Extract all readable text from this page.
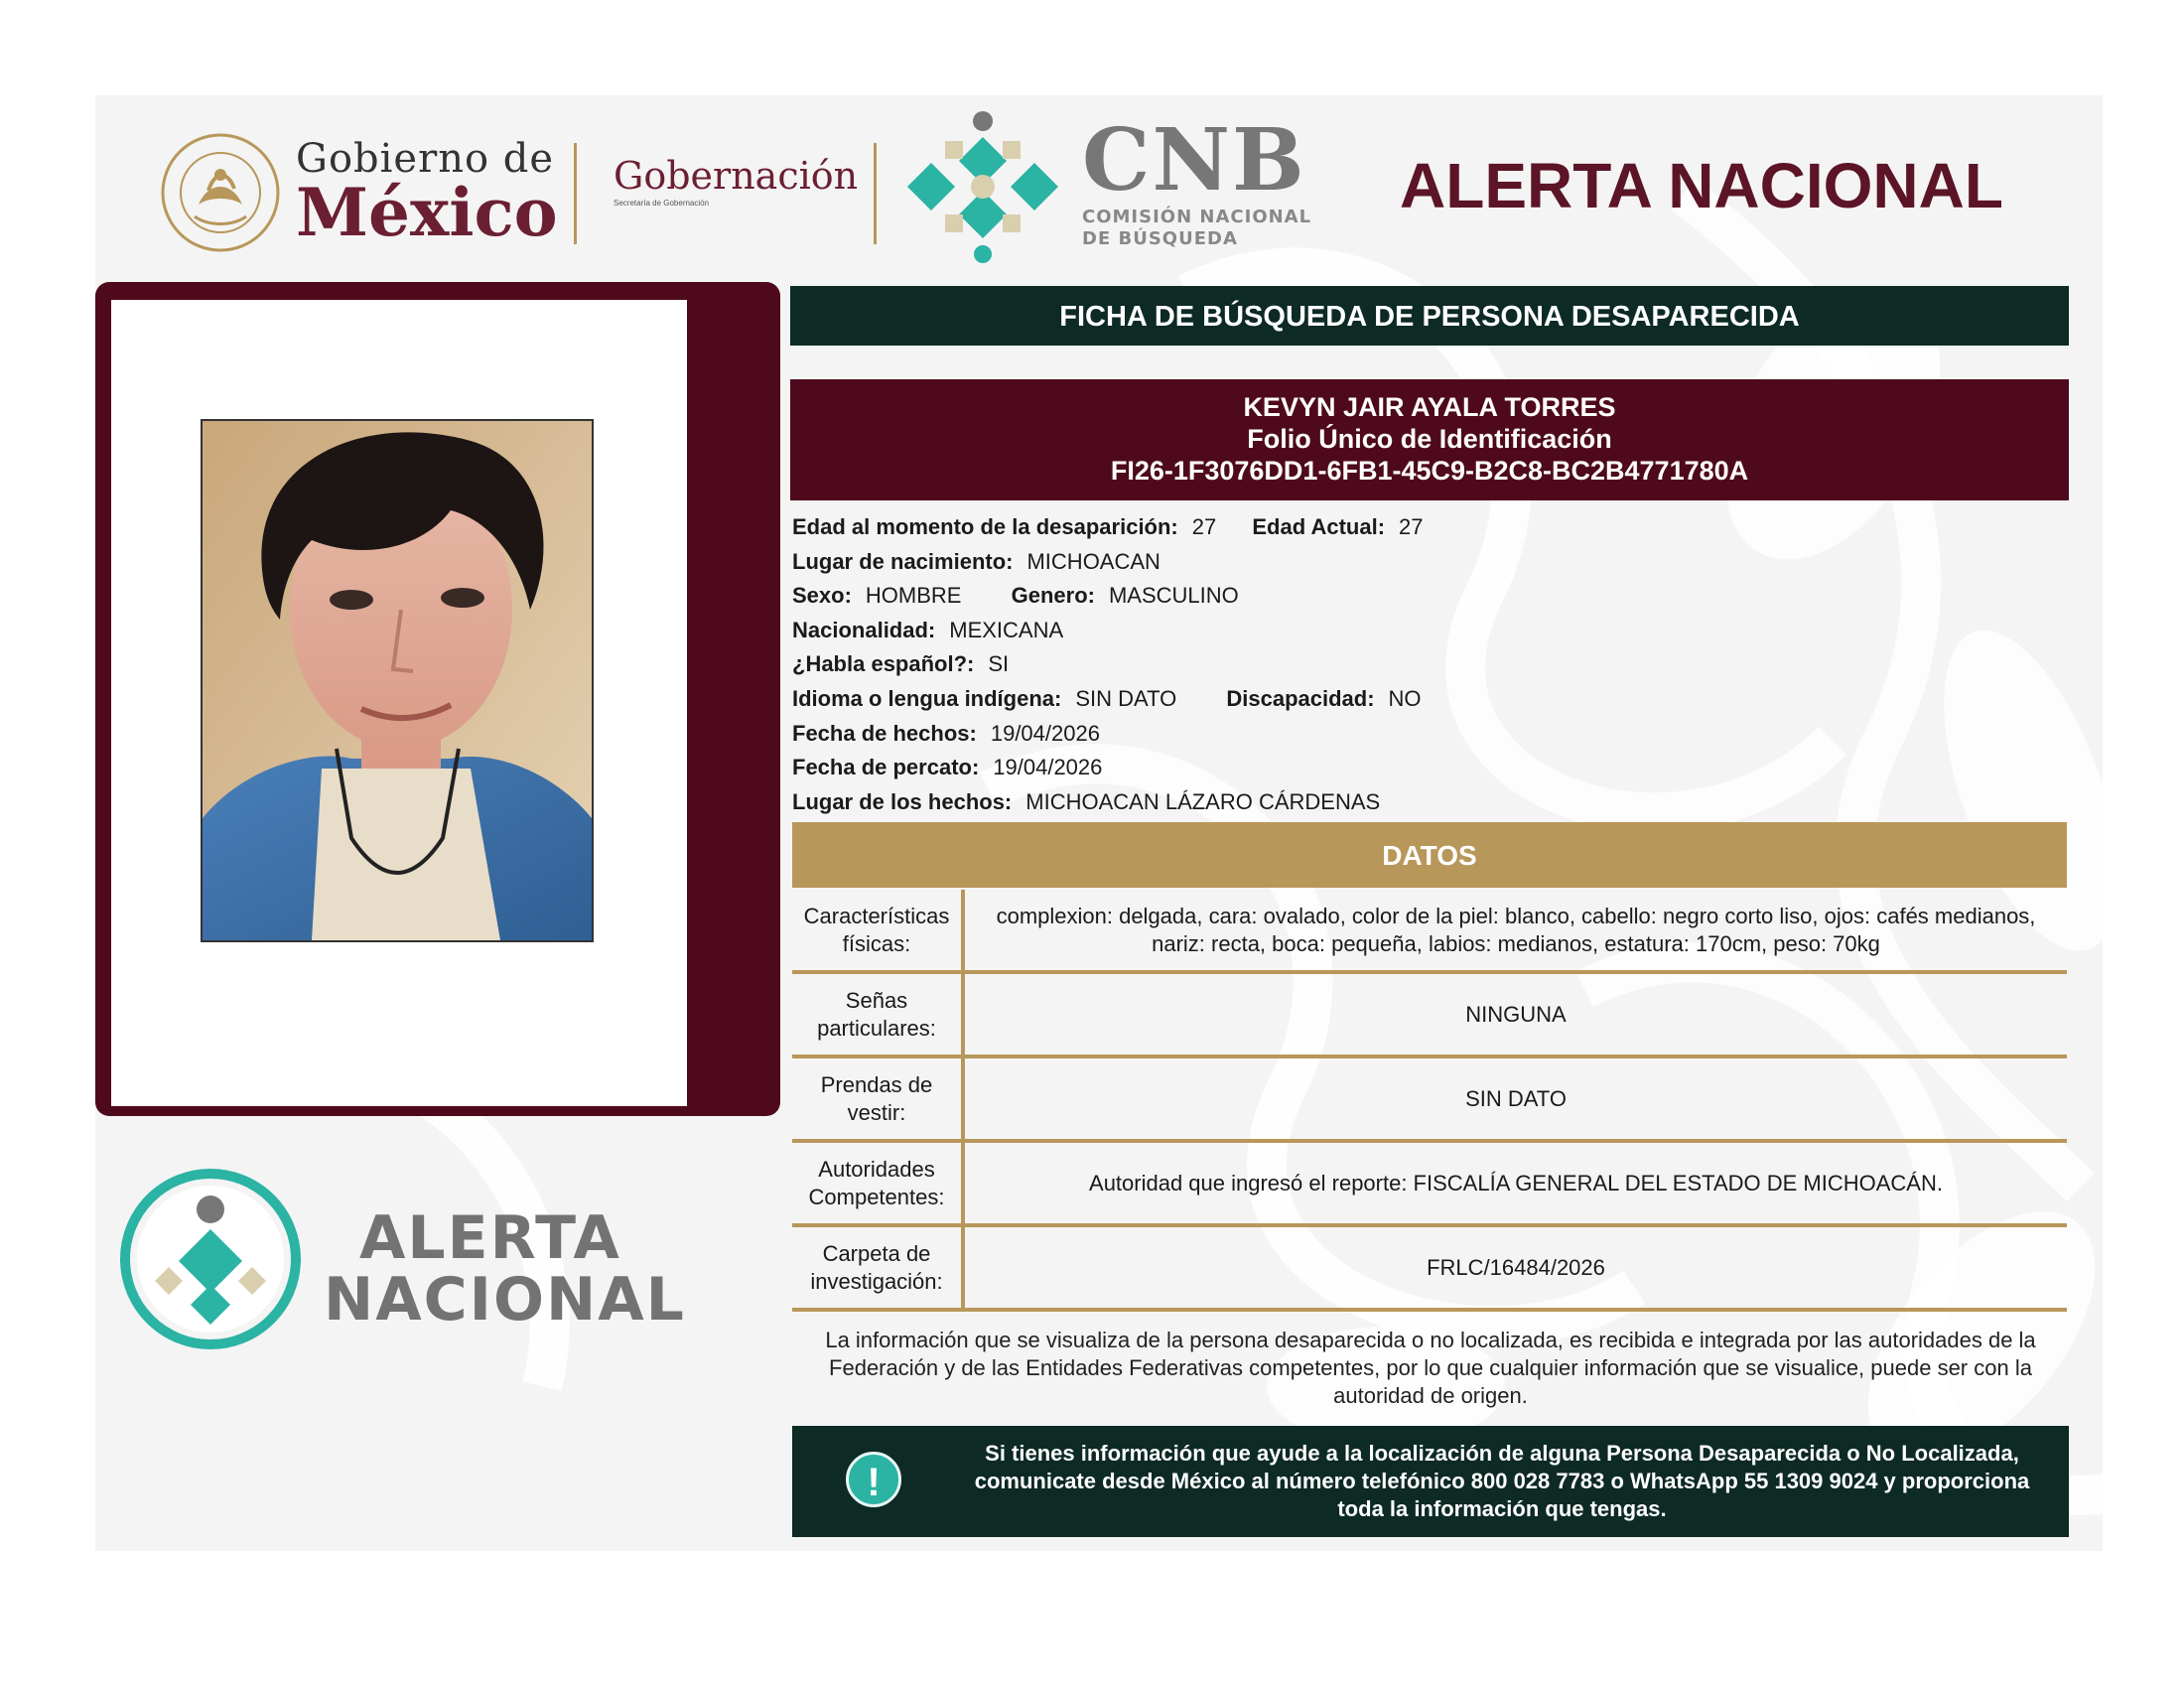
Gobierno de
México Gobernación
Secretaría de Gobernación	CNB
COMISIÓN NACIONAL
DE BÚSQUEDA
ALERTA NACIONAL
ALERTA
NACIONAL
FICHA DE BÚSQUEDA DE PERSONA DESAPARECIDA
KEVYN JAIR AYALA TORRES
Folio Único de Identificación
FI26-1F3076DD1-6FB1-45C9-B2C8-BC2B4771780A
Edad al momento de la desaparición: 27 Edad Actual: 27
Lugar de nacimiento: MICHOACAN
Sexo: HOMBRE Genero: MASCULINO
Nacionalidad: MEXICANA
¿Habla español?: SI
Idioma o lengua indígena: SIN DATO Discapacidad: NO
Fecha de hechos: 19/04/2026
Fecha de percato: 19/04/2026
Lugar de los hechos: MICHOACAN LÁZARO CÁRDENAS
DATOS
Características físicas:	complexion: delgada, cara: ovalado, color de la piel: blanco, cabello: negro corto liso, ojos: cafés medianos, nariz: recta, boca: pequeña, labios: medianos, estatura: 170cm, peso: 70kg
Señas particulares:	NINGUNA
Prendas de vestir:	SIN DATO
Autoridades Competentes:	Autoridad que ingresó el reporte: FISCALÍA GENERAL DEL ESTADO DE MICHOACÁN.
Carpeta de investigación:	FRLC/16484/2026
La información que se visualiza de la persona desaparecida o no localizada, es recibida e integrada por las autoridades de la Federación y de las Entidades Federativas competentes, por lo que cualquier información que se visualice, puede ser con la autoridad de origen.
!
Si tienes información que ayude a la localización de alguna Persona Desaparecida o No Localizada, comunicate desde México al número telefónico 800 028 7783 o WhatsApp 55 1309 9024 y proporciona toda la información que tengas.
